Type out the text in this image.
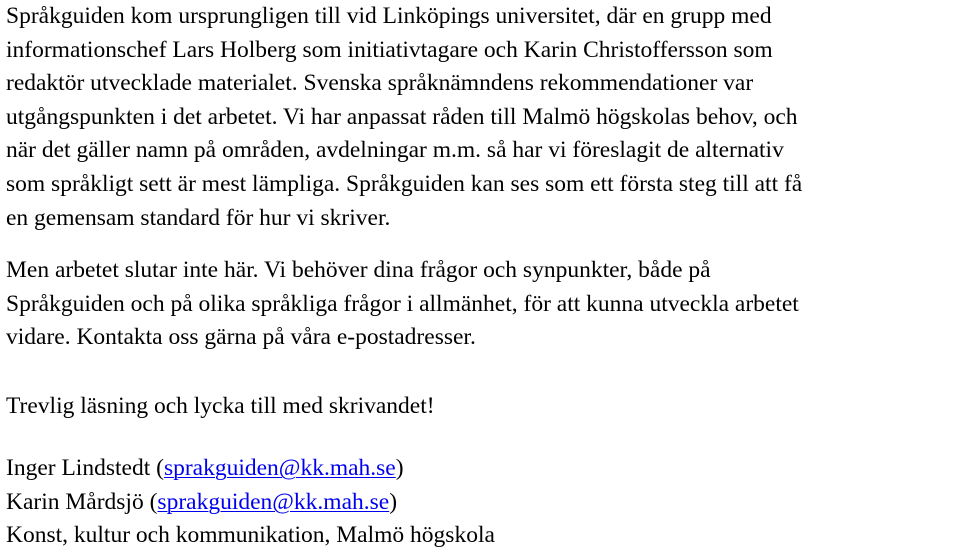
Språkguiden kom ursprungligen till vid Linköpings universitet, där en grupp med
informationschef Lars Holberg som initiativtagare och Karin Christoffersson som
redaktör utvecklade materialet. Svenska språknämndens rekommendationer var
utgångspunkten i det arbetet. Vi har anpassat råden till Malmö högskolas behov, och
när det gäller namn på områden, avdelningar m.m. så har vi föreslagit de alternativ
som språkligt sett är mest lämpliga. Språkguiden kan ses som ett första steg till att få
en gemensam standard för hur vi skriver.
Men arbetet slutar inte här. Vi behöver dina frågor och synpunkter, både på
Språkguiden och på olika språkliga frågor i allmänhet, för att kunna utveckla arbetet
vidare. Kontakta oss gärna på våra e-postadresser.
Trevlig läsning och lycka till med skrivandet!
Inger Lindstedt (sprakguiden@kk.mah.se)
Karin Mårdsjö (sprakguiden@kk.mah.se)
Konst, kultur och kommunikation, Malmö högskola
